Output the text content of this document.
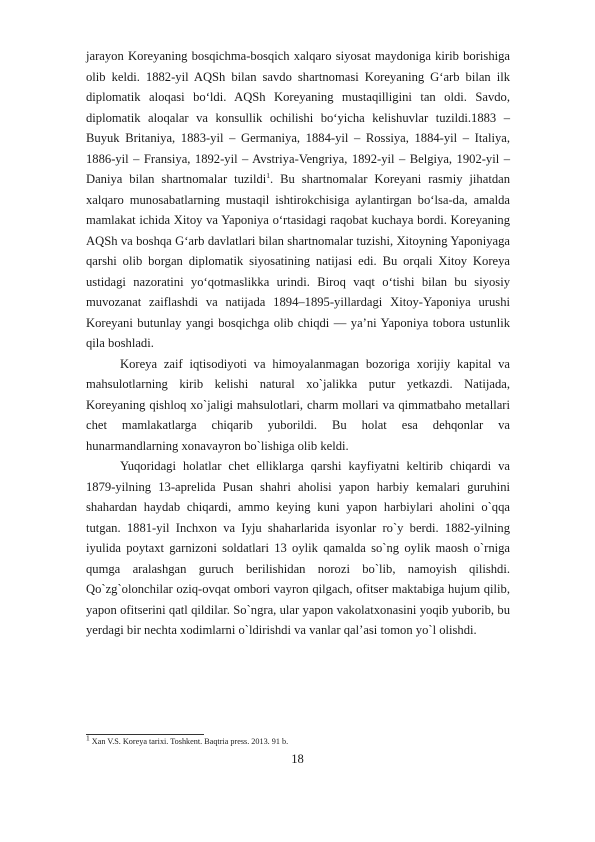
jarayon Koreyaning bosqichma-bosqich xalqaro siyosat maydoniga kirib borishiga olib keldi. 1882-yil AQSh bilan savdo shartnomasi Koreyaning G‘arb bilan ilk diplomatik aloqasi bo‘ldi. AQSh Koreyaning mustaqilligini tan oldi. Savdo, diplomatik aloqalar va konsullik ochilishi bo‘yicha kelishuvlar tuzildi.1883 – Buyuk Britaniya, 1883-yil – Germaniya, 1884-yil – Rossiya, 1884-yil – Italiya, 1886-yil – Fransiya, 1892-yil – Avstriya-Vengriya, 1892-yil – Belgiya, 1902-yil – Daniya bilan shartnomalar tuzildi$^1$. Bu shartnomalar Koreyani rasmiy jihatdan xalqaro munosabatlarning mustaqil ishtirokchisiga aylantirgan bo‘lsa-da, amalda mamlakat ichida Xitoy va Yaponiya o‘rtasidagi raqobat kuchaya bordi. Koreyaning AQSh va boshqa G‘arb davlatlari bilan shartnomalar tuzishi, Xitoyning Yaponiyaga qarshi olib borgan diplomatik siyosatining natijasi edi. Bu orqali Xitoy Koreya ustidagi nazoratini yo‘qotmaslikka urindi. Biroq vaqt o‘tishi bilan bu siyosiy muvozanat zaiflashdi va natijada 1894–1895-yillardagi Xitoy-Yaponiya urushi Koreyani butunlay yangi bosqichga olib chiqdi — ya’ni Yaponiya tobora ustunlik qila boshladi.

Koreya zaif iqtisodiyoti va himoyalanmagan bozoriga xorijiy kapital va mahsulotlarning kirib kelishi natural xo`jalikka putur yetkazdi. Natijada, Koreyaning qishloq xo`jaligi mahsulotlari, charm mollari va qimmatbaho metallari chet mamlakatlarga chiqarib yuborildi. Bu holat esa dehqonlar va hunarmandlarning xonavayron bo`lishiga olib keldi.

Yuqoridagi holatlar chet elliklarga qarshi kayfiyatni keltirib chiqardi va 1879-yilning 13-aprelida Pusan shahri aholisi yapon harbiy kemalari guruhini shahardan haydab chiqardi, ammo keying kuni yapon harbiylari aholini o`qqa tutgan. 1881-yil Inchxon va Iyju shaharlarida isyonlar ro`y berdi. 1882-yilning iyulida poytaxt garnizoni soldatlari 13 oylik qamalda so`ng oylik maosh o`rniga qumga aralashgan guruch berilishidan norozi bo`lib, namoyish qilishdi. Qo`zg`olonchilar oziq-ovqat ombori vayron qilgach, ofitser maktabiga hujum qilib, yapon ofitserini qatl qildilar. So`ngra, ular yapon vakolatxonasini yoqib yuborib, bu yerdagi bir nechta xodimlarni o`ldirishdi va vanlar qal’asi tomon yo`l olishdi.

$^1$ Xan V.S. Koreya tarixi. Toshkent. Baqtria press. 2013. 91 b.
18
